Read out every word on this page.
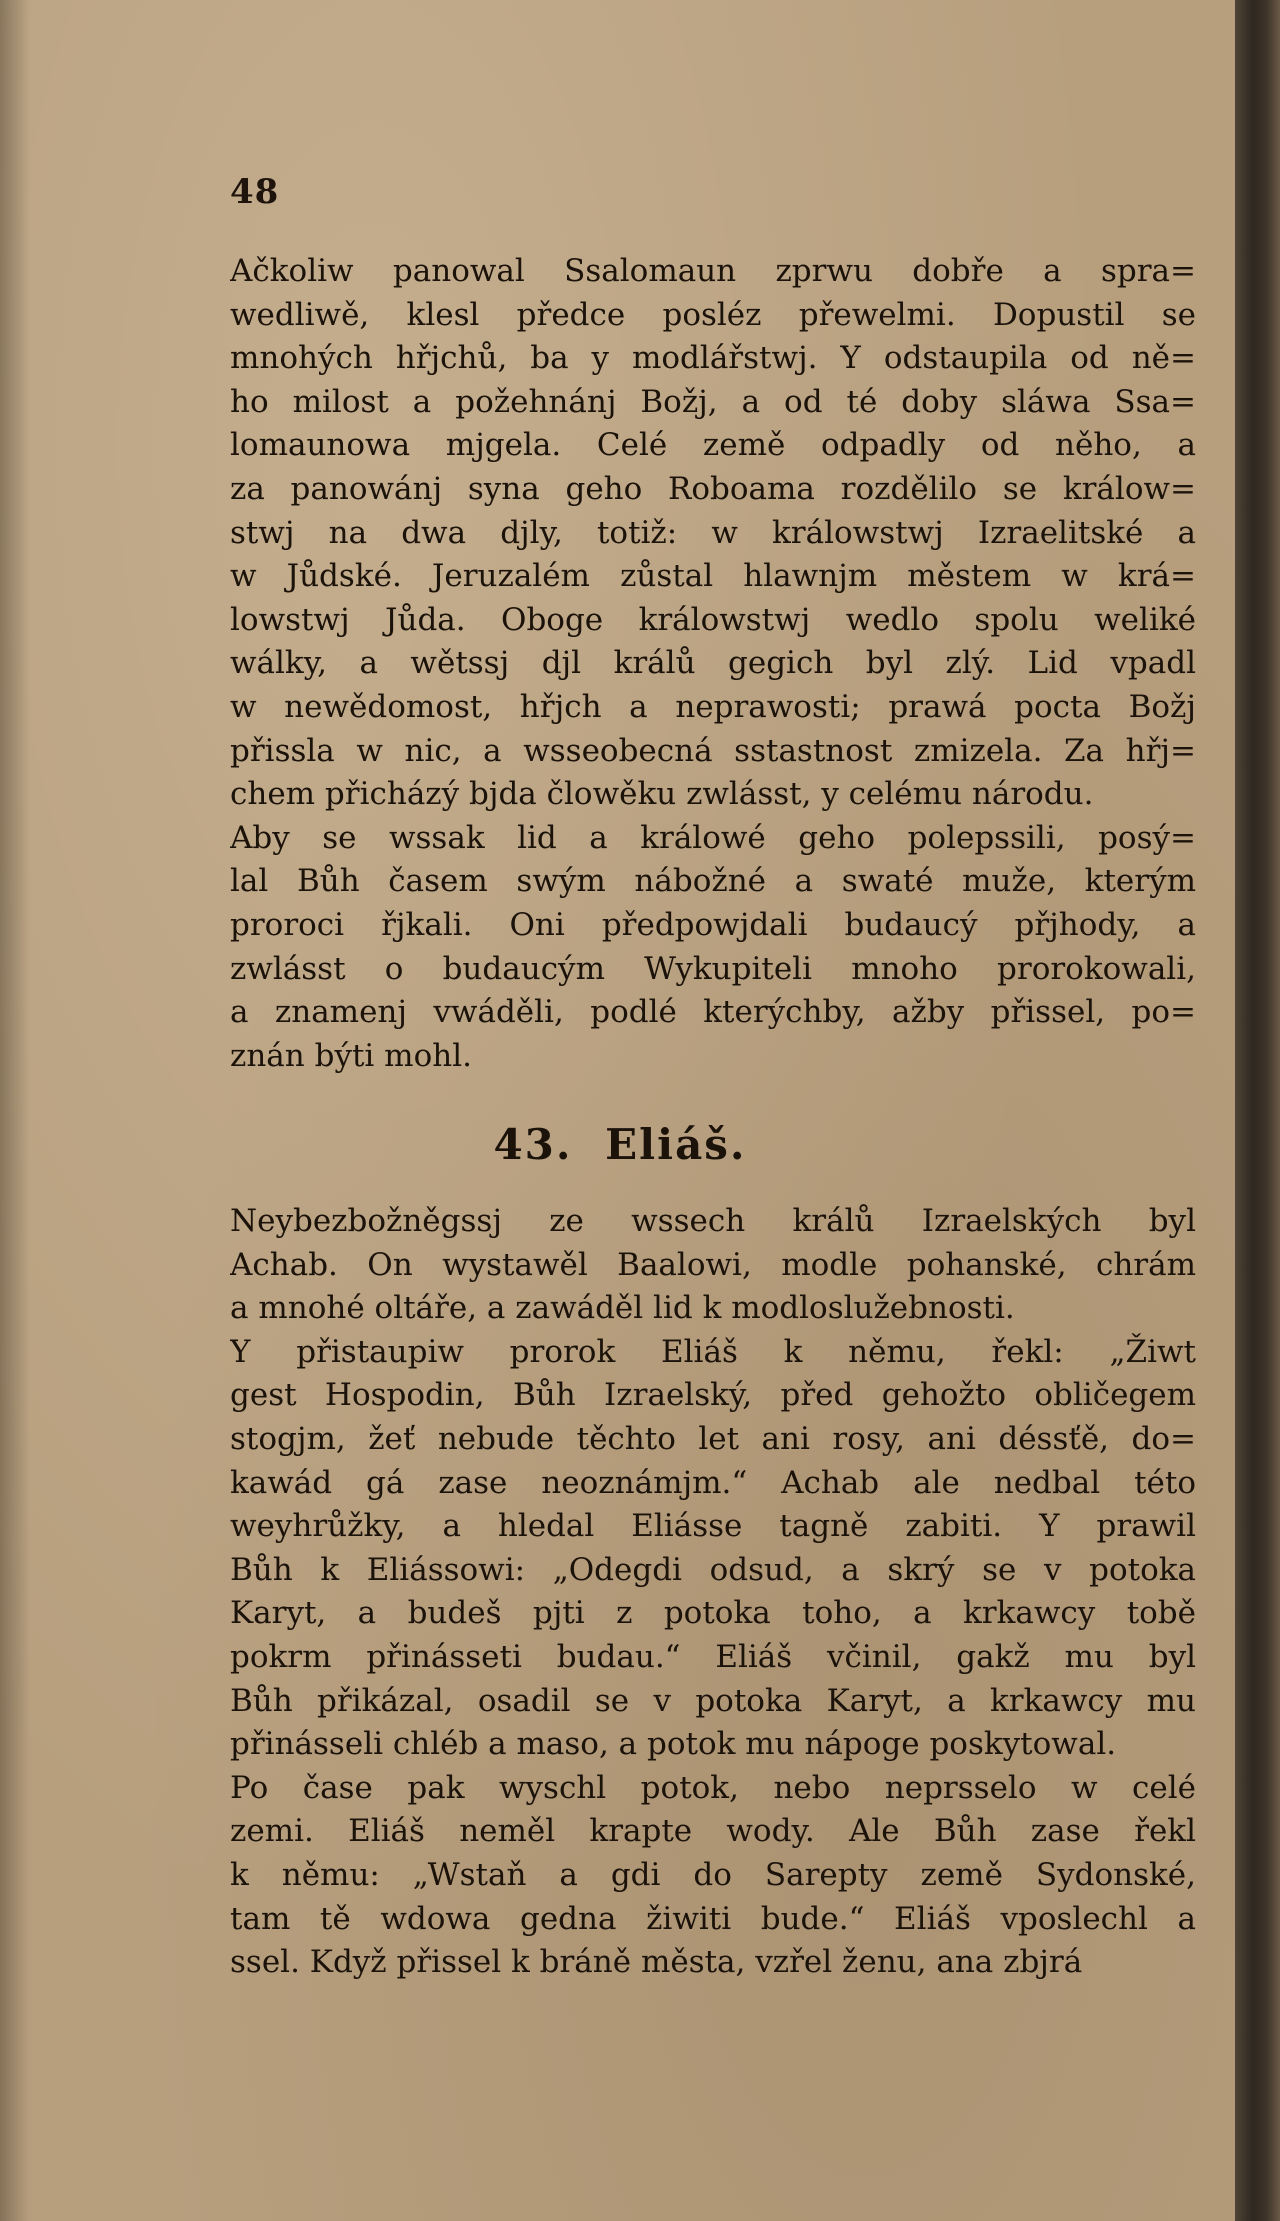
48
Ačkoliw panowal Ssalomaun zprwu dobře a spra=
wedliwě, klesl předce posléz přewelmi. Dopustil se
mnohých hřjchů, ba y modlářstwj. Y odstaupila od ně=
ho milost a požehnánj Božj, a od té doby sláwa Ssa=
lomaunowa mjgela. Celé země odpadly od něho, a
za panowánj syna geho Roboama rozdělilo se králow=
stwj na dwa djly, totiž: w králowstwj Izraelitské a
w Jůdské. Jeruzalém zůstal hlawnjm městem w krá=
lowstwj Jůda. Oboge králowstwj wedlo spolu weliké
wálky, a wětssj djl králů gegich byl zlý. Lid vpadl
w newědomost, hřjch a neprawosti; prawá pocta Božj
přissla w nic, a wsseobecná sstastnost zmizela. Za hřj=
chem přicházý bjda člowěku zwlásst, y celému národu.
Aby se wssak lid a králowé geho polepssili, posý=
lal Bůh časem swým nábožné a swaté muže, kterým
proroci řjkali. Oni předpowjdali budaucý přjhody, a
zwlásst o budaucým Wykupiteli mnoho prorokowali,
a znamenj vwáděli, podlé kterýchby, ažby přissel, po=
znán býti mohl.
43. Eliáš.
Neybezbožněgssj ze wssech králů Izraelských byl
Achab. On wystawěl Baalowi, modle pohanské, chrám
a mnohé oltáře, a zawáděl lid k modloslužebnosti.
Y přistaupiw prorok Eliáš k němu, řekl: „Žiwt
gest Hospodin, Bůh Izraelský, před gehožto obličegem
stogjm, žeť nebude těchto let ani rosy, ani déssťě, do=
kawád gá zase neoznámjm.“ Achab ale nedbal této
weyhrůžky, a hledal Eliásse tagně zabiti. Y prawil
Bůh k Eliássowi: „Odegdi odsud, a skrý se v potoka
Karyt, a budeš pjti z potoka toho, a krkawcy tobě
pokrm přinásseti budau.“ Eliáš včinil, gakž mu byl
Bůh přikázal, osadil se v potoka Karyt, a krkawcy mu
přinásseli chléb a maso, a potok mu nápoge poskytowal.
Po čase pak wyschl potok, nebo neprsselo w celé
zemi. Eliáš neměl krapte wody. Ale Bůh zase řekl
k němu: „Wstaň a gdi do Sarepty země Sydonské,
tam tě wdowa gedna žiwiti bude.“ Eliáš vposlechl a
ssel. Když přissel k bráně města, vzřel ženu, ana zbjrá
